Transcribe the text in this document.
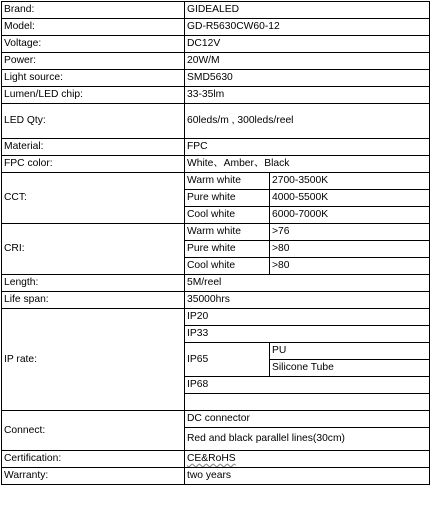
Brand:	GIDEALED	
Model:	GD-R5630CW60-12	
Voltage:	DC12V	
Power:	20W/M	
Light source:	SMD5630	
Lumen/LED chip:	33-35lm	
LED Qty:	60leds/m , 300leds/reel	
Material:	FPC	
FPC color:	White、Amber、Black	
CCT:	Warm white	2700-3500K
	Pure white	4000-5500K
	Cool white	6000-7000K
CRI:	Warm white	>76
	Pure white	>80
	Cool white	>80
Length:	5M/reel	
Life span:	35000hrs	
IP rate:	IP20	
	IP33	
	IP65	PU
		Silicone Tube
	IP68	

Connect:	DC connector	
	Red and black parallel lines(30cm)	
Certification:	CE&RoHS	
Warranty:	two years	
